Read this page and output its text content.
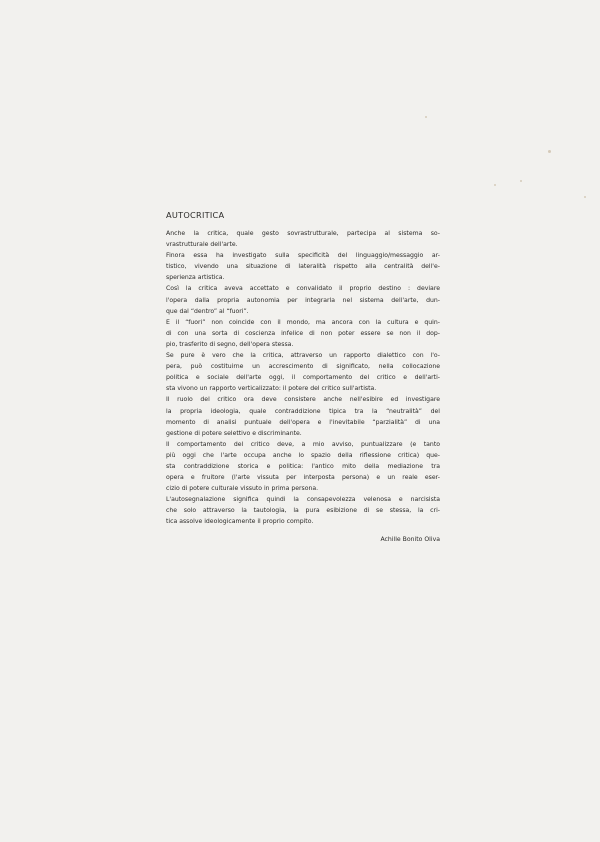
AUTOCRITICA

Anche la critica, quale gesto sovrastrutturale, partecipa al sistema so-
vrastrutturale dell'arte.

Finora essa ha investigato sulla specificità del linguaggio/messaggio ar-
tistico, vivendo una situazione di lateralità rispetto alla centralità dell'e-
sperienza artistica.

Così la critica aveva accettato e convalidato il proprio destino : deviare
l'opera dalla propria autonomia per integrarla nel sistema dell'arte, dun-
que dal “dentro” al “fuori”.

E il “fuori” non coincide con il mondo, ma ancora con la cultura e quin-
di con una sorta di coscienza infelice di non poter essere se non il dop-
pio, trasferito di segno, dell'opera stessa.

Se pure è vero che la critica, attraverso un rapporto dialettico con l'o-
pera, può costituirne un accrescimento di significato, nella collocazione
politica e sociale dell'arte oggi, il comportamento del critico e dell'arti-
sta vivono un rapporto verticalizzato: il potere del critico sull'artista.

Il ruolo del critico ora deve consistere anche nell'esibire ed investigare
la propria ideologia, quale contraddizione tipica tra la “neutralità” del
momento di analisi puntuale dell'opera e l'inevitabile “parzialità” di una
gestione di potere selettivo e discriminante.

Il comportamento del critico deve, a mio avviso, puntualizzare (e tanto
più oggi che l'arte occupa anche lo spazio della riflessione critica) que-
sta contraddizione storica e politica: l'antico mito della mediazione tra
opera e fruitore (l'arte vissuta per interposta persona) e un reale eser-
cizio di potere culturale vissuto in prima persona.

L'autosegnalazione significa quindi la consapevolezza velenosa e narcisista
che solo attraverso la tautologia, la pura esibizione di se stessa, la cri-
tica assolve ideologicamente il proprio compito.

Achille Bonito Oliva
